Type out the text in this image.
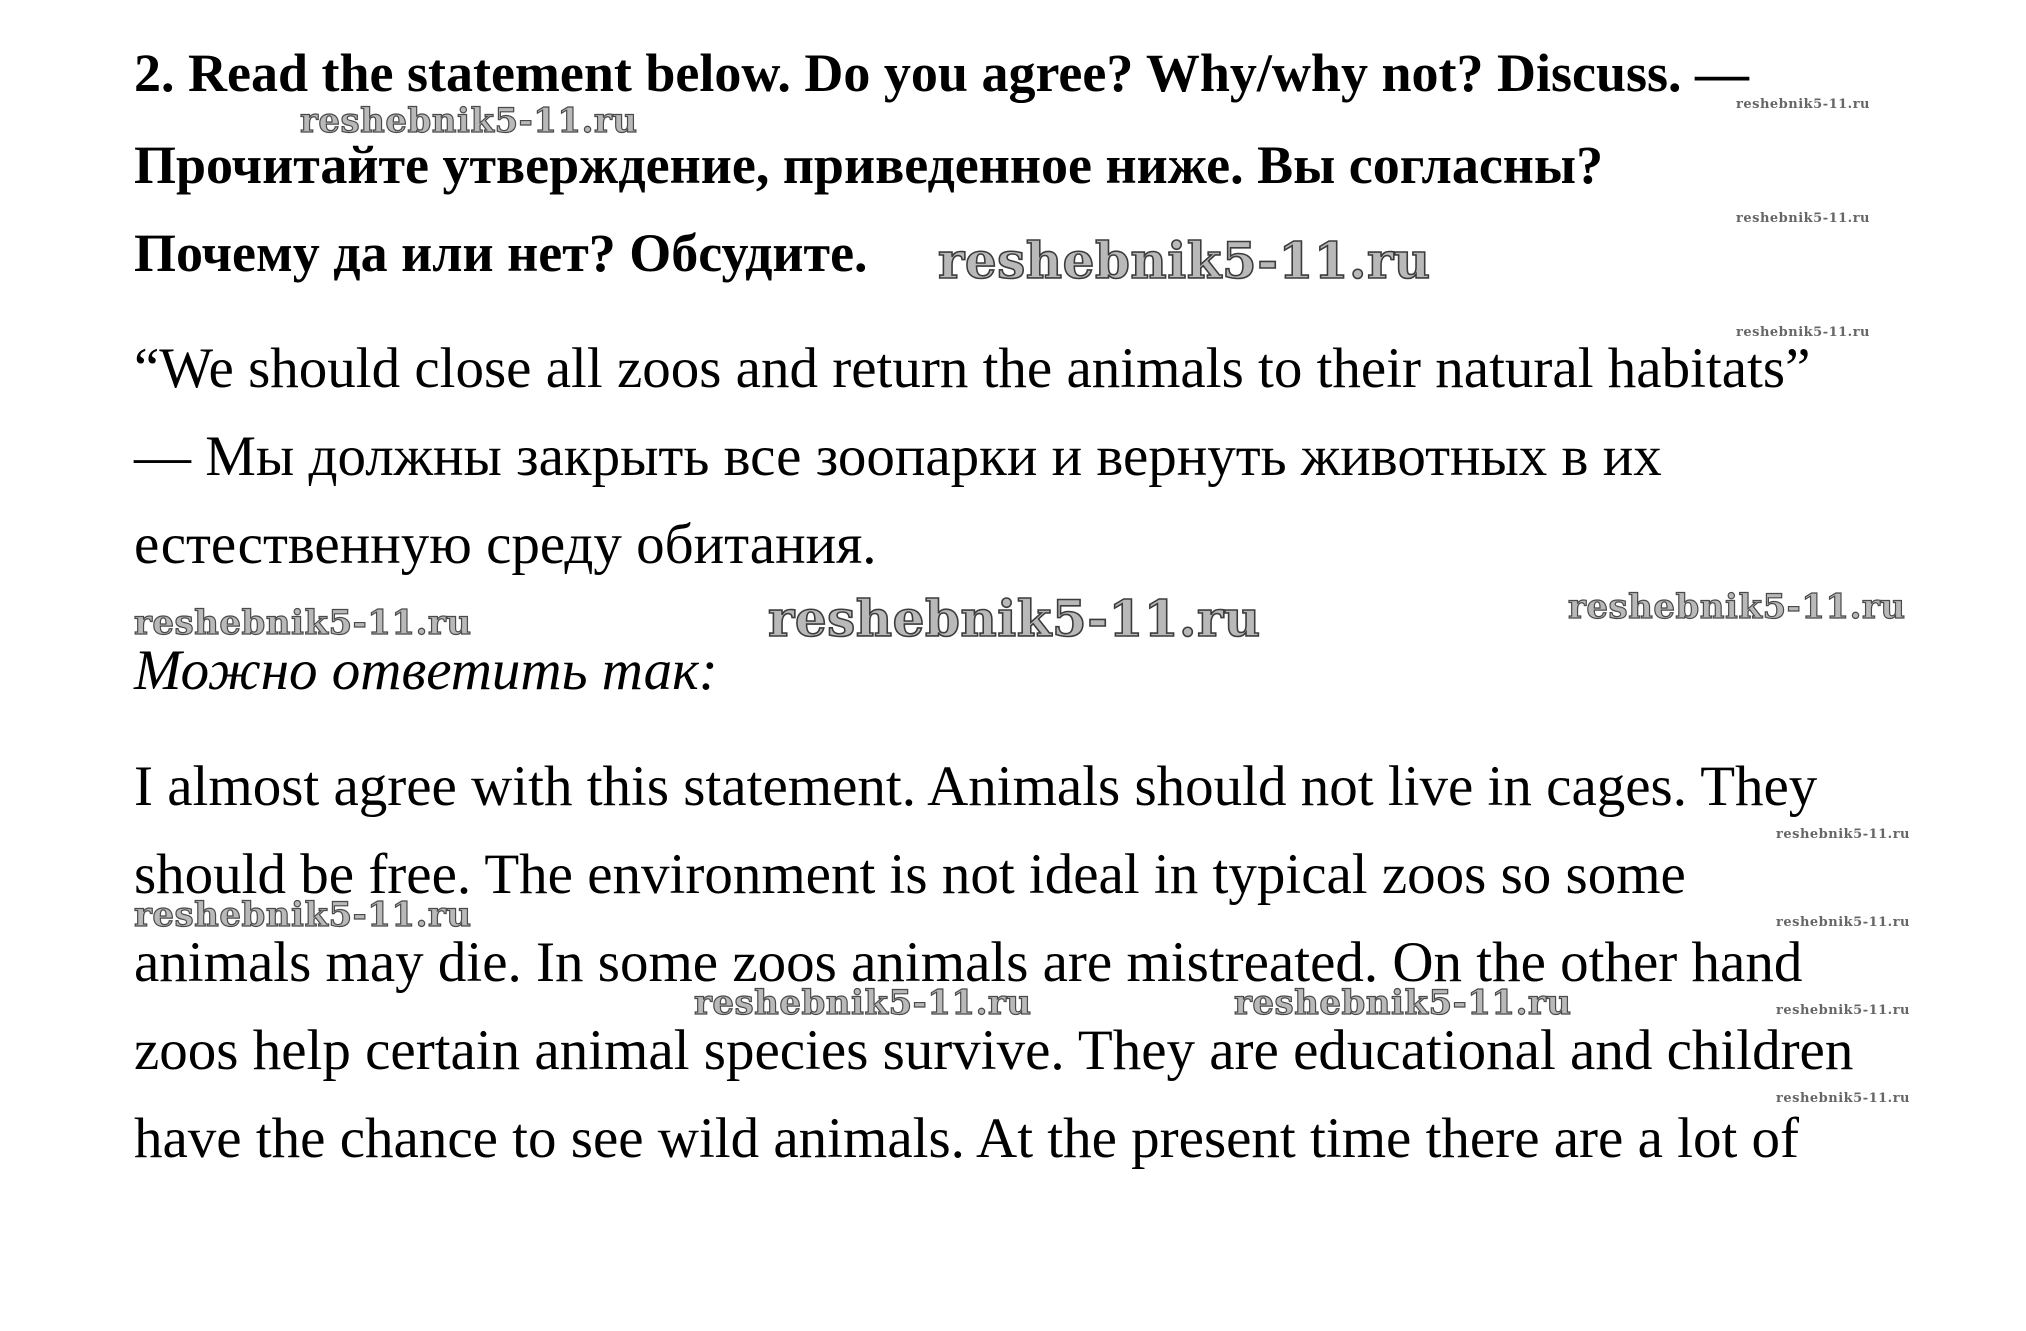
2. Read the statement below. Do you agree? Why/why not? Discuss. —
Прочитайте утверждение, приведенное ниже. Вы согласны?
Почему да или нет? Обсудите.
“We should close all zoos and return the animals to their natural habitats”
— Мы должны закрыть все зоопарки и вернуть животных в их
естественную среду обитания.
Можно ответить так:
I almost agree with this statement. Animals should not live in cages. They
should be free. The environment is not ideal in typical zoos so some
animals may die. In some zoos animals are mistreated. On the other hand
zoos help certain animal species survive. They are educational and children
have the chance to see wild animals. At the present time there are a lot of
reshebnik5-11.ru	reshebnik5-11.ru
reshebnik5-11.ru
reshebnik5-11.ru
reshebnik5-11.ru
reshebnik5-11.ru	reshebnik5-11.ru	reshebnik5-11.ru
reshebnik5-11.ru
reshebnik5-11.ru	reshebnik5-11.ru
reshebnik5-11.ru	reshebnik5-11.ru	reshebnik5-11.ru
reshebnik5-11.ru
